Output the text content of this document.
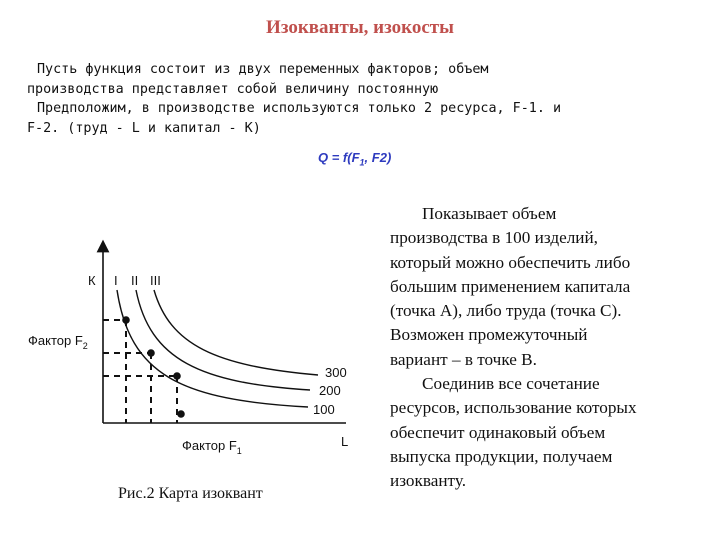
Изокванты, изокосты
Пусть функция состоит из двух переменных факторов; объем
производства представляет собой величину постоянную
Предположим, в производстве используются только 2 ресурса, F-1. и
F-2. (труд - L и капитал - К)
$Q = f(F_1$, F2)
К I II III
Фактор $F_2$
Фактор $F_1$
L
300
200
100
Рис.2 Карта изоквант

Показывает объем
производства в 100 изделий,
который можно обеспечить либо
большим применением капитала
(точка А), либо труда (точка С).
Возможен промежуточный
вариант – в точке В.

Соединив все сочетание
ресурсов, использование которых
обеспечит одинаковый объем
выпуска продукции, получаем
изокванту.
